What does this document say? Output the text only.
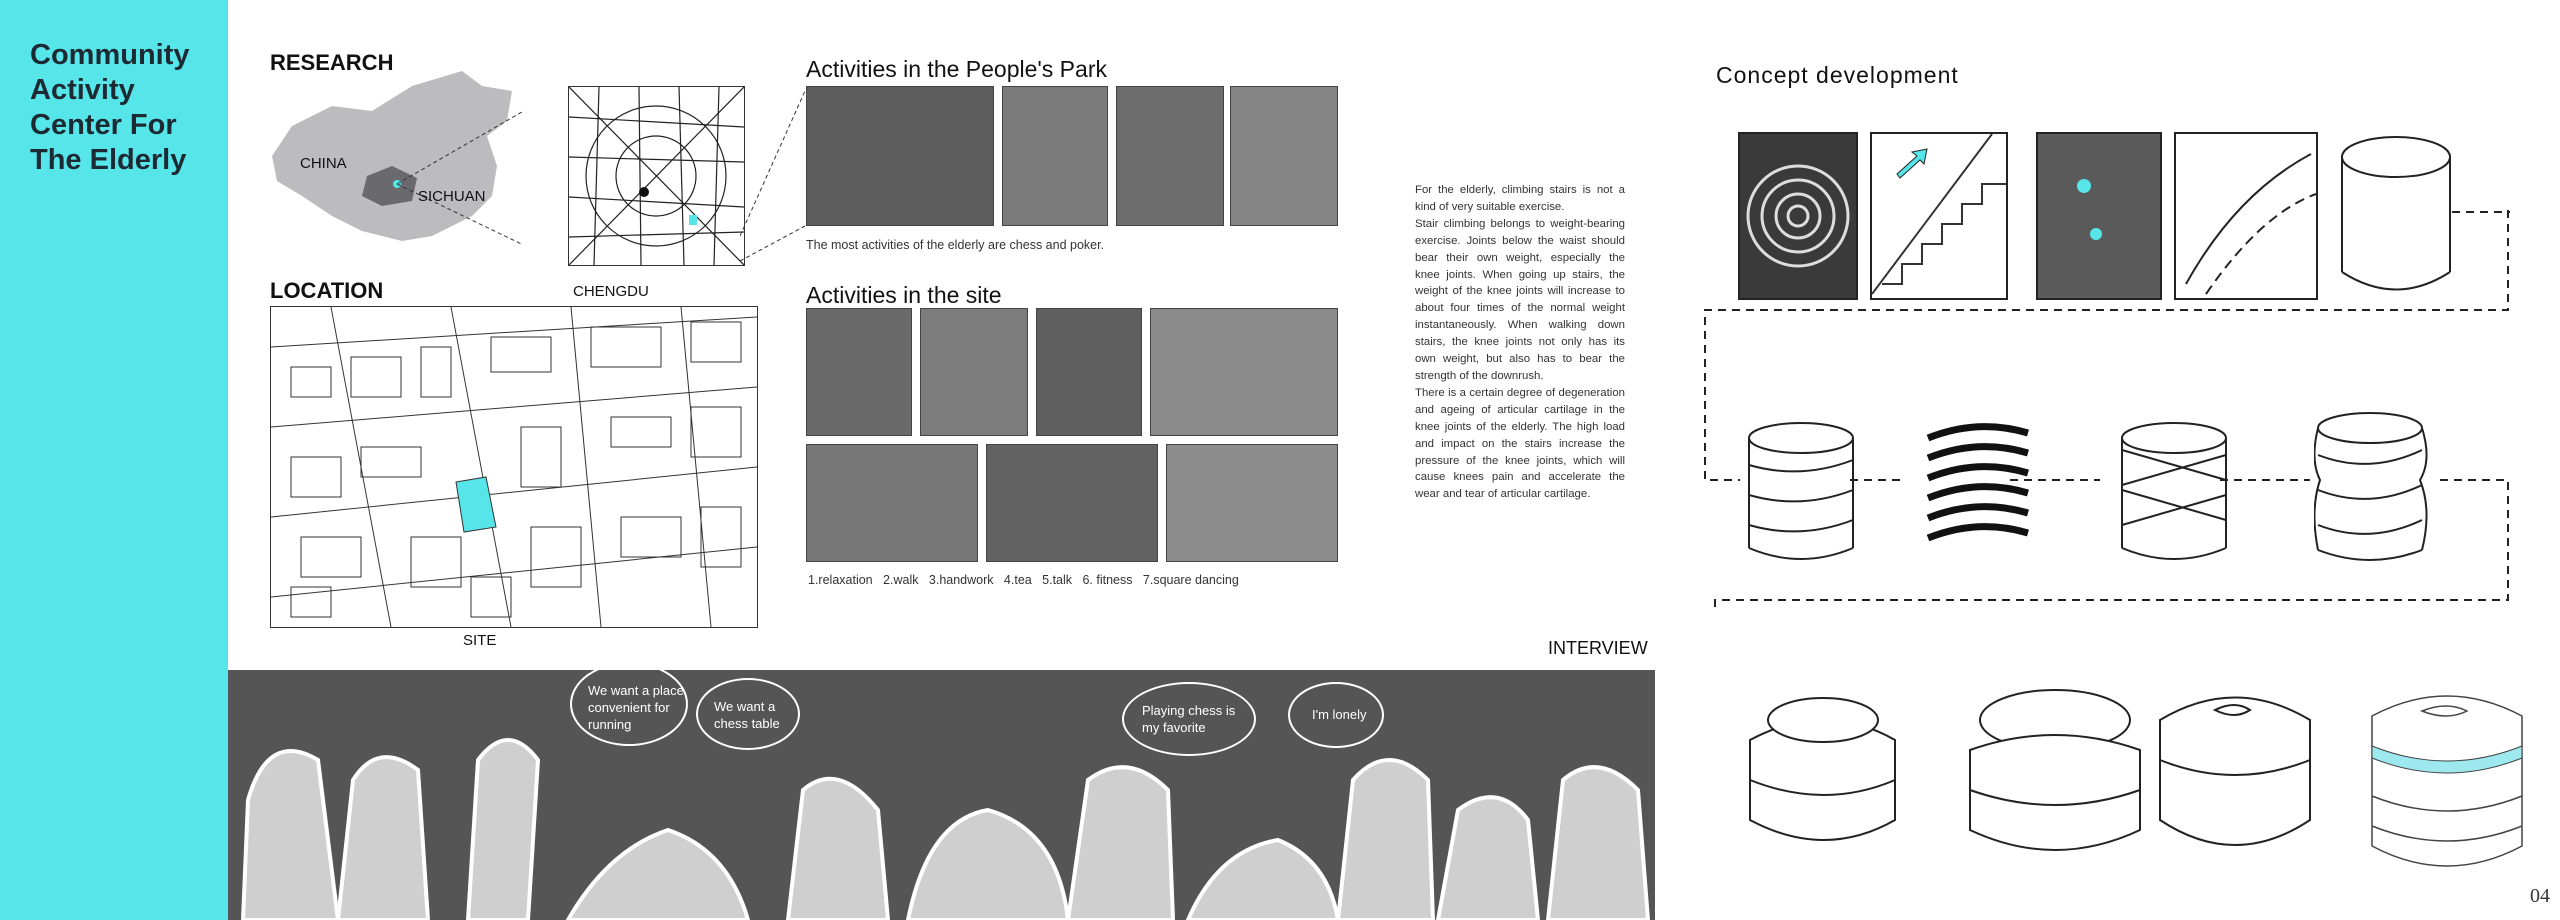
Community Activity Center For The Elderly
RESEARCH
CHINA
SICHUAN
CHENGDU
LOCATION
SITE
Activities in the People's Park
The most activities of the elderly are chess and poker.
Activities in the site
1.relaxation   2.walk   3.handwork   4.tea   5.talk   6. fitness   7.square dancing

For the elderly, climbing stairs is not a kind of very suitable exercise.

Stair climbing belongs to weight-bearing exercise. Joints below the waist should bear their own weight, especially the knee joints. When going up stairs, the weight of the knee joints will increase to about four times of the normal weight instantaneously. When walking down stairs, the knee joints not only has its own weight, but also has to bear the strength of the downrush.

There is a certain degree of degeneration and ageing of articular cartilage in the knee joints of the elderly. The high load and impact on the stairs increase the pressure of the knee joints, which will cause knees pain and accelerate the wear and tear of articular cartilage.

INTERVIEW
We want a place convenient for running
We want a chess table
Playing chess is my favorite
I'm lonely
Concept development
04
